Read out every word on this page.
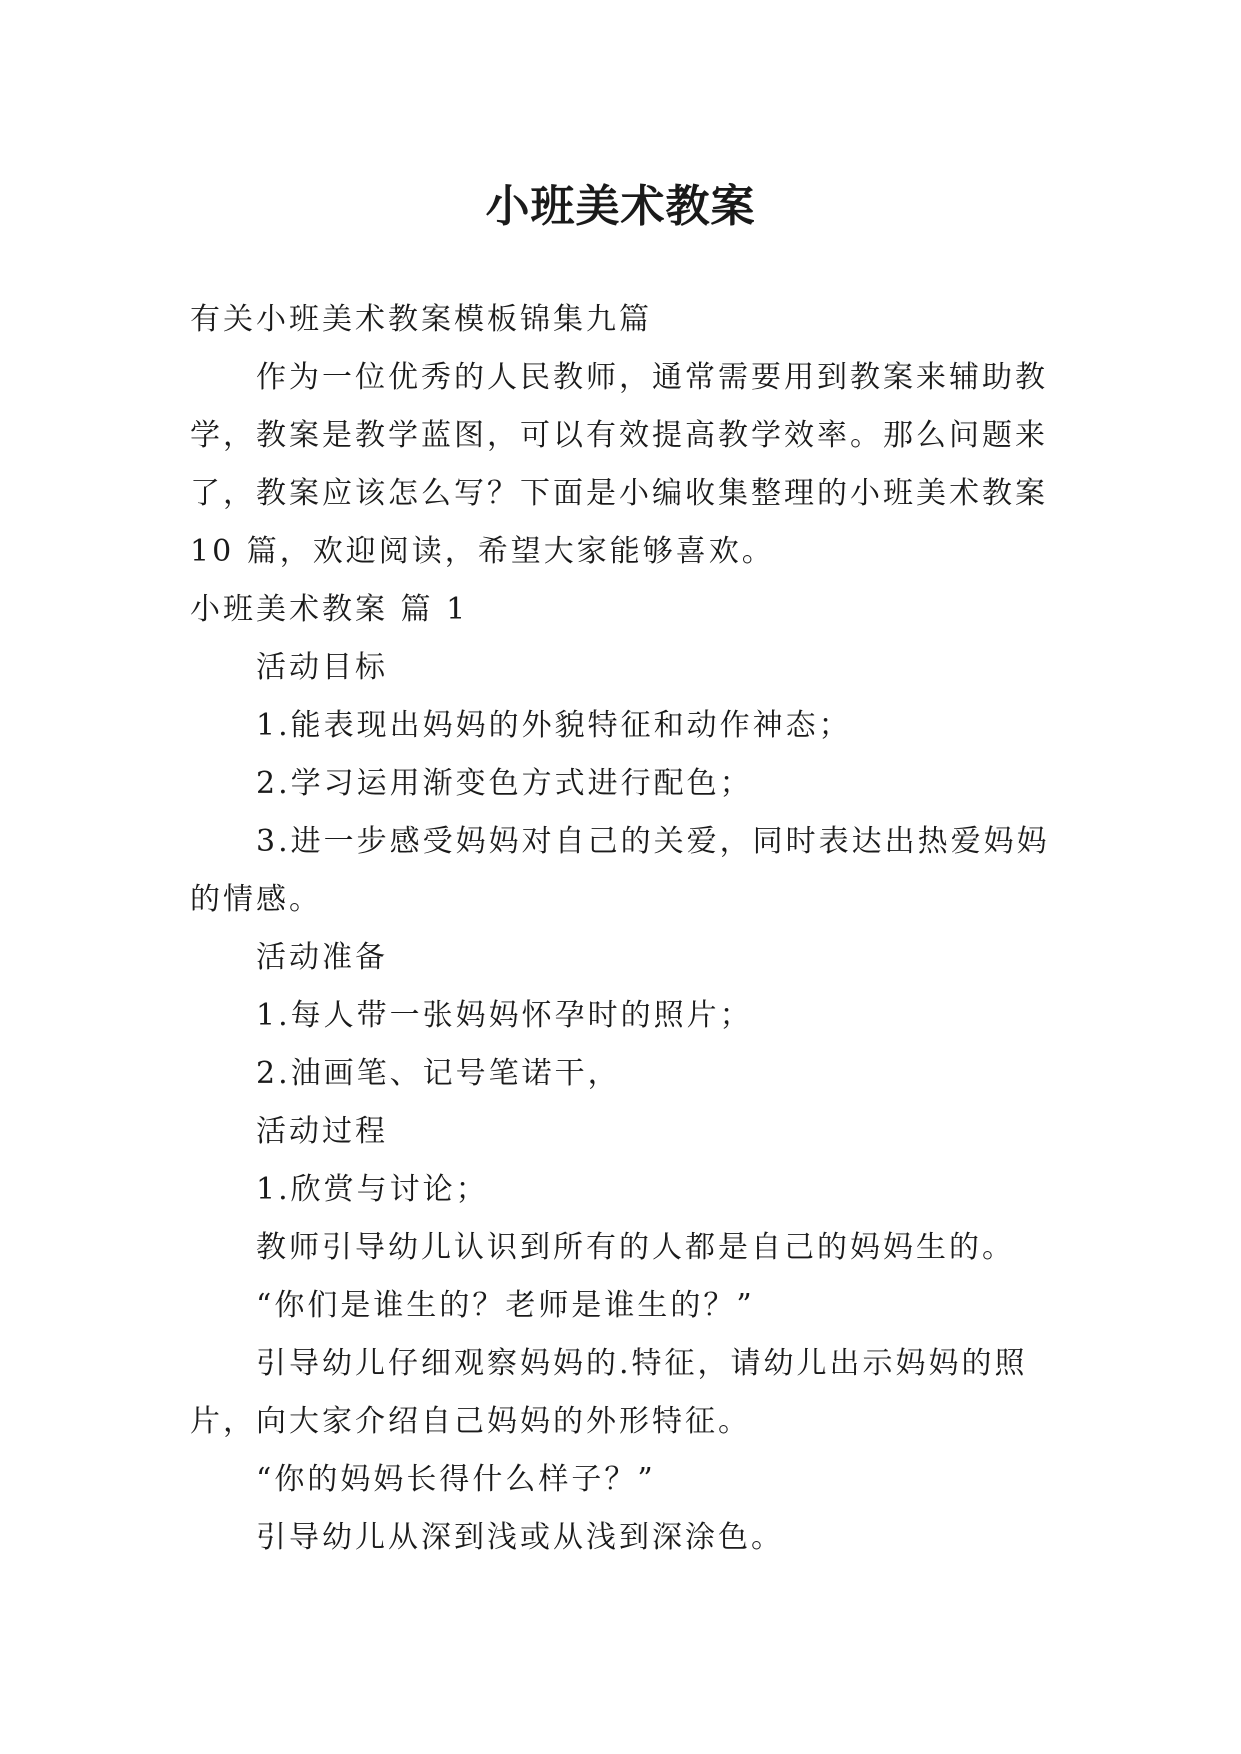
小班美术教案

有关小班美术教案模板锦集九篇

作为一位优秀的人民教师，通常需要用到教案来辅助教学，教案是教学蓝图，可以有效提高教学效率。那么问题来了，教案应该怎么写？下面是小编收集整理的小班美术教案10 篇，欢迎阅读，希望大家能够喜欢。

小班美术教案 篇 1

活动目标

1.能表现出妈妈的外貌特征和动作神态；

2.学习运用渐变色方式进行配色；

3.进一步感受妈妈对自己的关爱，同时表达出热爱妈妈的情感。

活动准备

1.每人带一张妈妈怀孕时的照片；

2.油画笔、记号笔诺干，

活动过程

1.欣赏与讨论；

教师引导幼儿认识到所有的人都是自己的妈妈生的。

“你们是谁生的？老师是谁生的？”

引导幼儿仔细观察妈妈的.特征，请幼儿出示妈妈的照片，向大家介绍自己妈妈的外形特征。

“你的妈妈长得什么样子？”

引导幼儿从深到浅或从浅到深涂色。
